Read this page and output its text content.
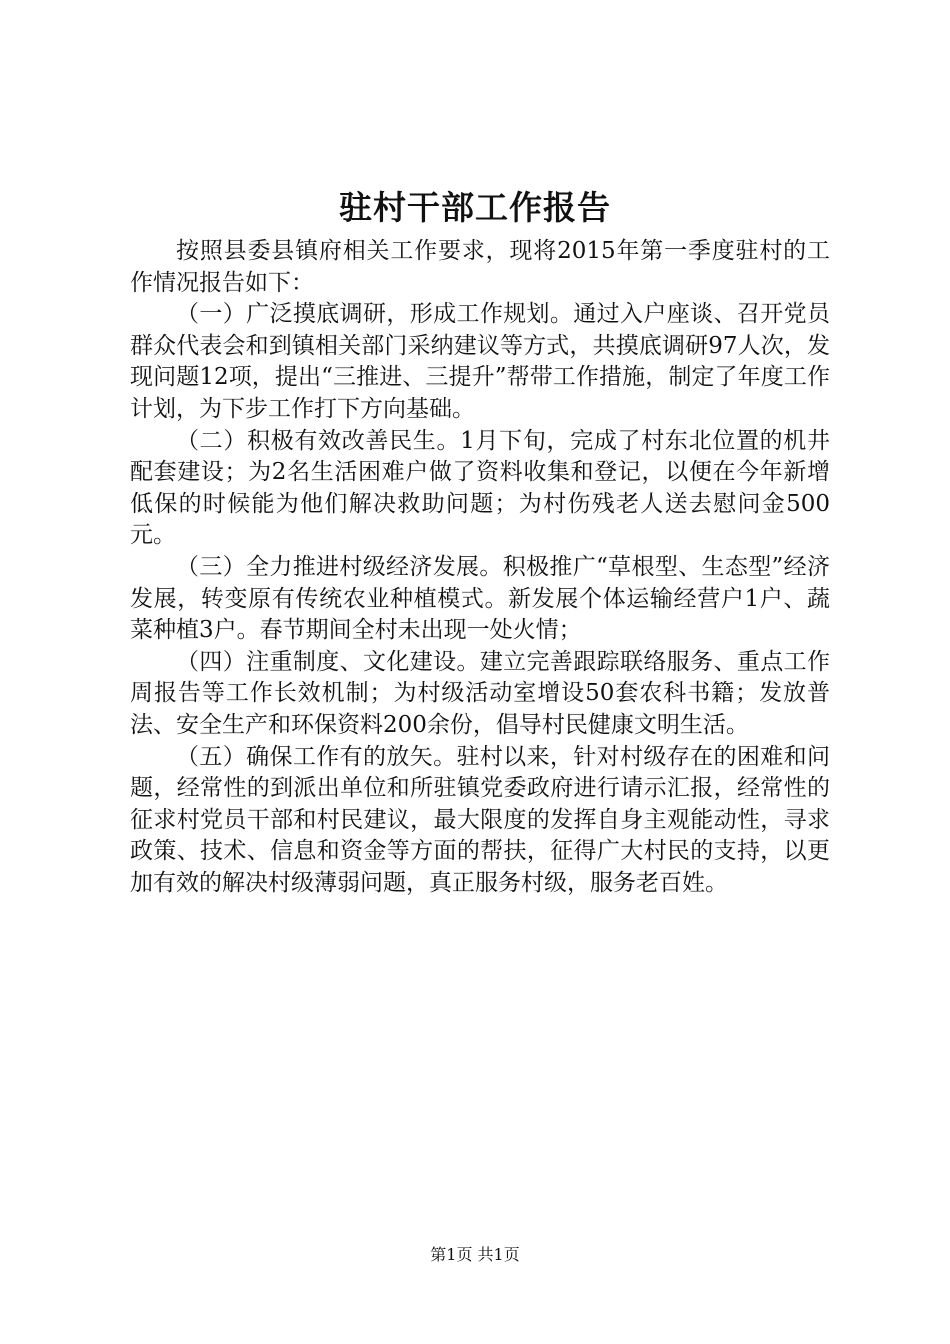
驻村干部工作报告

按照县委县镇府相关工作要求，现将2015年第一季度驻村的工作情况报告如下：

（一）广泛摸底调研，形成工作规划。通过入户座谈、召开党员群众代表会和到镇相关部门采纳建议等方式，共摸底调研97人次，发现问题12项，提出“三推进、三提升”帮带工作措施，制定了年度工作计划，为下步工作打下方向基础。

（二）积极有效改善民生。1月下旬，完成了村东北位置的机井配套建设；为2名生活困难户做了资料收集和登记，以便在今年新增低保的时候能为他们解决救助问题；为村伤残老人送去慰问金500元。

（三）全力推进村级经济发展。积极推广“草根型、生态型”经济发展，转变原有传统农业种植模式。新发展个体运输经营户1户、蔬菜种植3户。春节期间全村未出现一处火情；

（四）注重制度、文化建设。建立完善跟踪联络服务、重点工作周报告等工作长效机制；为村级活动室增设50套农科书籍；发放普法、安全生产和环保资料200余份，倡导村民健康文明生活。

（五）确保工作有的放矢。驻村以来，针对村级存在的困难和问题，经常性的到派出单位和所驻镇党委政府进行请示汇报，经常性的征求村党员干部和村民建议，最大限度的发挥自身主观能动性，寻求政策、技术、信息和资金等方面的帮扶，征得广大村民的支持，以更加有效的解决村级薄弱问题，真正服务村级，服务老百姓。

第1页 共1页
